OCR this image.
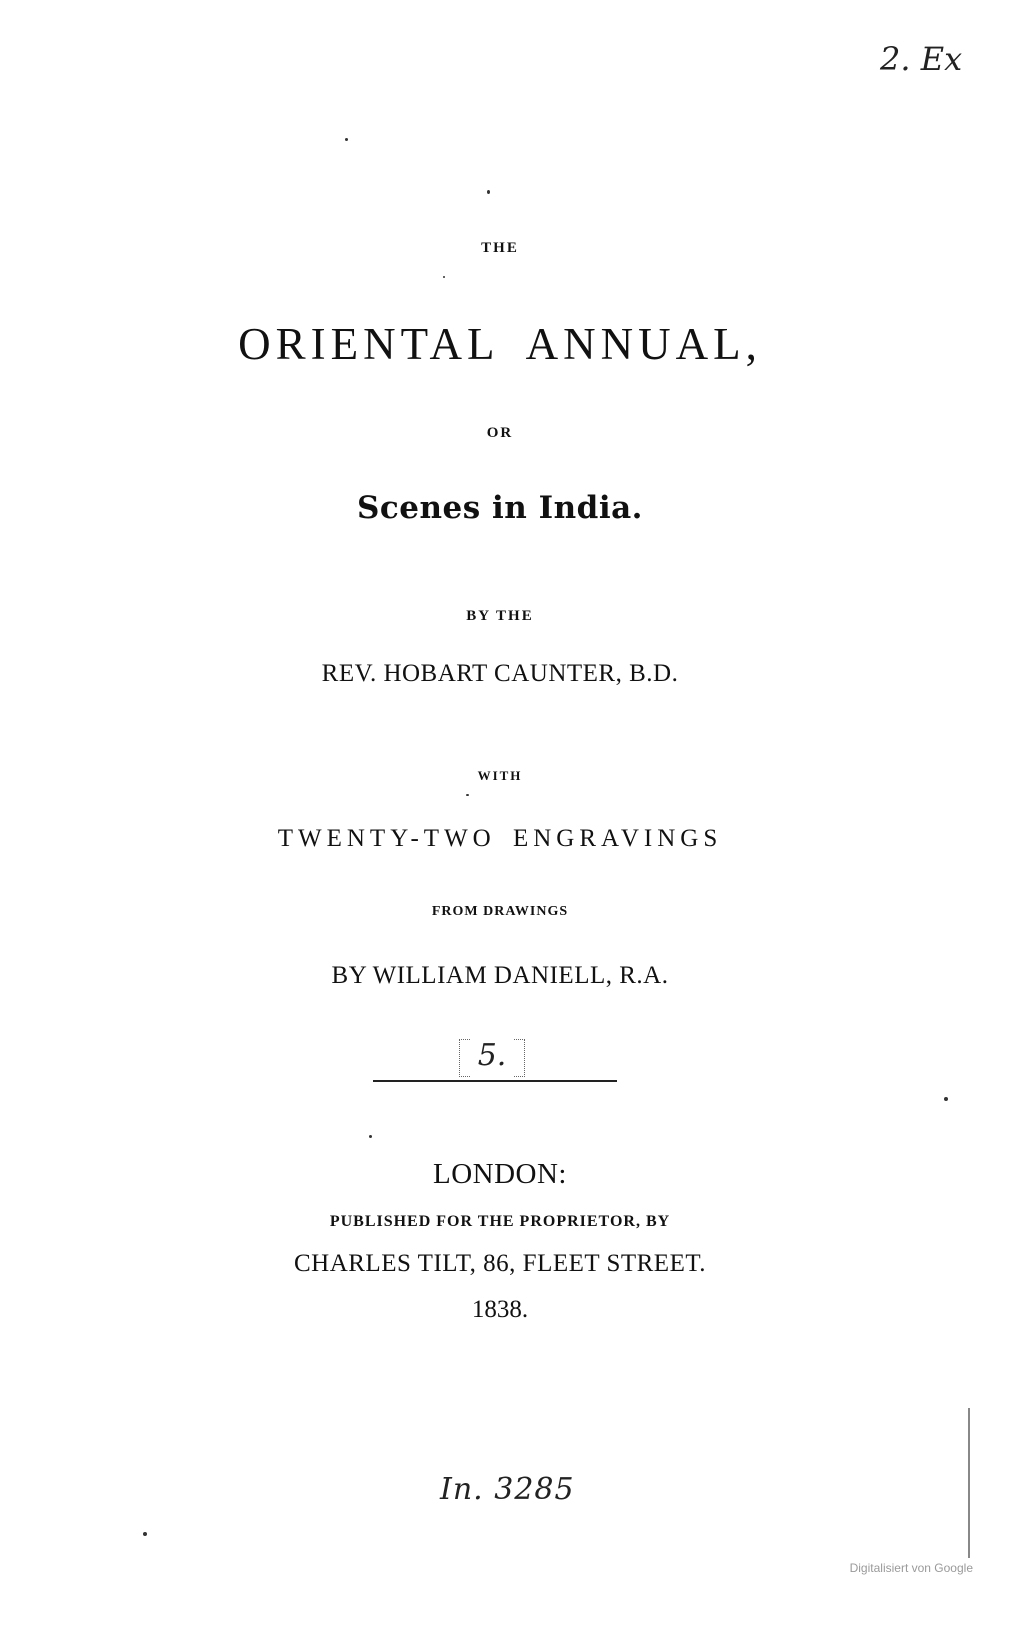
THE
ORIENTAL ANNUAL,
OR
Scenes in India.
BY THE
REV. HOBART CAUNTER, B.D.
WITH
TWENTY-TWO ENGRAVINGS
FROM DRAWINGS
BY WILLIAM DANIELL, R.A.
5.
LONDON:
PUBLISHED FOR THE PROPRIETOR, BY
CHARLES TILT, 86, FLEET STREET.
1838.
2. Ex
In. 3285
Digitalisiert von Google
